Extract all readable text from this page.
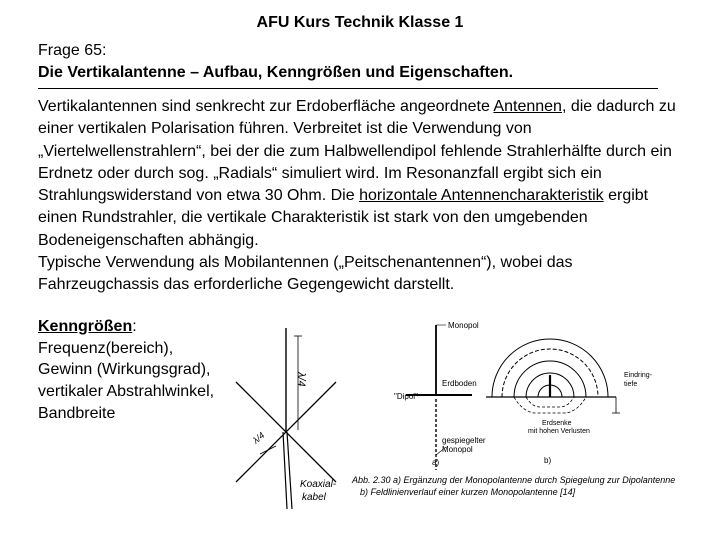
AFU Kurs Technik Klasse 1
Frage 65:
Die Vertikalantenne – Aufbau, Kenngrößen und Eigenschaften.

Vertikalantennen sind senkrecht zur Erdoberfläche angeordnete Antennen, die dadurch zu einer vertikalen Polarisation führen. Verbreitet ist die Verwendung von „Viertelwellenstrahlern“, bei der die zum Halbwellendipol fehlende Strahlerhälfte durch ein Erdnetz oder durch sog. „Radials“ simuliert wird. Im Resonanzfall ergibt sich ein Strahlungswiderstand von etwa 30 Ohm. Die horizontale Antennencharakteristik ergibt einen Rundstrahler, die vertikale Charakteristik ist stark von den umgebenden Bodeneigenschaften abhängig.

Typische Verwendung als Mobilantennen („Peitschenantennen“), wobei das Fahrzeugchassis das erforderliche Gegengewicht darstellt.

Kenngrößen:
Frequenz(bereich),
Gewinn (Wirkungsgrad),
vertikaler Abstrahlwinkel,
Bandbreite
λ/4
λ/4
Koaxial-
kabel
Monopol
Erdboden
"Dipol"
gespiegelter
Monopol
a)
Eindring-
tiefe
Erdsenke
mit hohen Verlusten
b)
Abb. 2.30 a) Ergänzung der Monopolantenne durch Spiegelung zur Dipolantenne
b) Feldlinienverlauf einer kurzen Monopolantenne [14]
